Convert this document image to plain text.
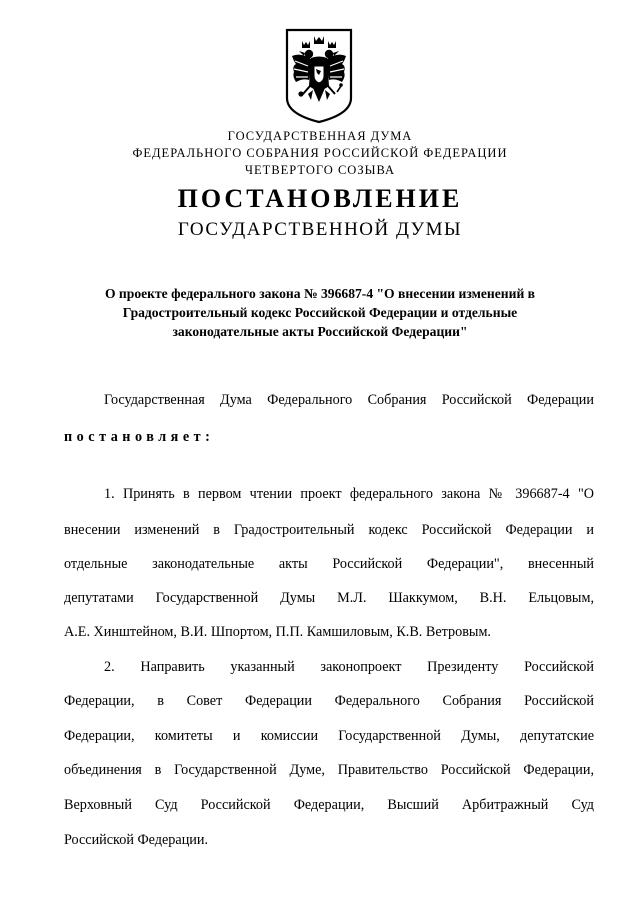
ГОСУДАРСТВЕННАЯ ДУМА
ФЕДЕРАЛЬНОГО СОБРАНИЯ РОССИЙСКОЙ ФЕДЕРАЦИИ
ЧЕТВЕРТОГО СОЗЫВА
ПОСТАНОВЛЕНИЕ
ГОСУДАРСТВЕННОЙ ДУМЫ
О проекте федерального закона № 396687-4 "О внесении изменений в
Градостроительный кодекс Российской Федерации и отдельные
законодательные акты Российской Федерации"
Государственная Дума Федерального Собрания Российской Федерации
постановляет:
1. Принять в первом чтении проект федерального закона № 396687-4 "О
внесении изменений в Градостроительный кодекс Российской Федерации и
отдельные законодательные акты Российской Федерации", внесенный
депутатами Государственной Думы М.Л. Шаккумом, В.Н. Ельцовым,
А.Е. Хинштейном, В.И. Шпортом, П.П. Камшиловым, К.В. Ветровым.
2. Направить указанный законопроект Президенту Российской
Федерации, в Совет Федерации Федерального Собрания Российской
Федерации, комитеты и комиссии Государственной Думы, депутатские
объединения в Государственной Думе, Правительство Российской Федерации,
Верховный Суд Российской Федерации, Высший Арбитражный Суд
Российской Федерации.
